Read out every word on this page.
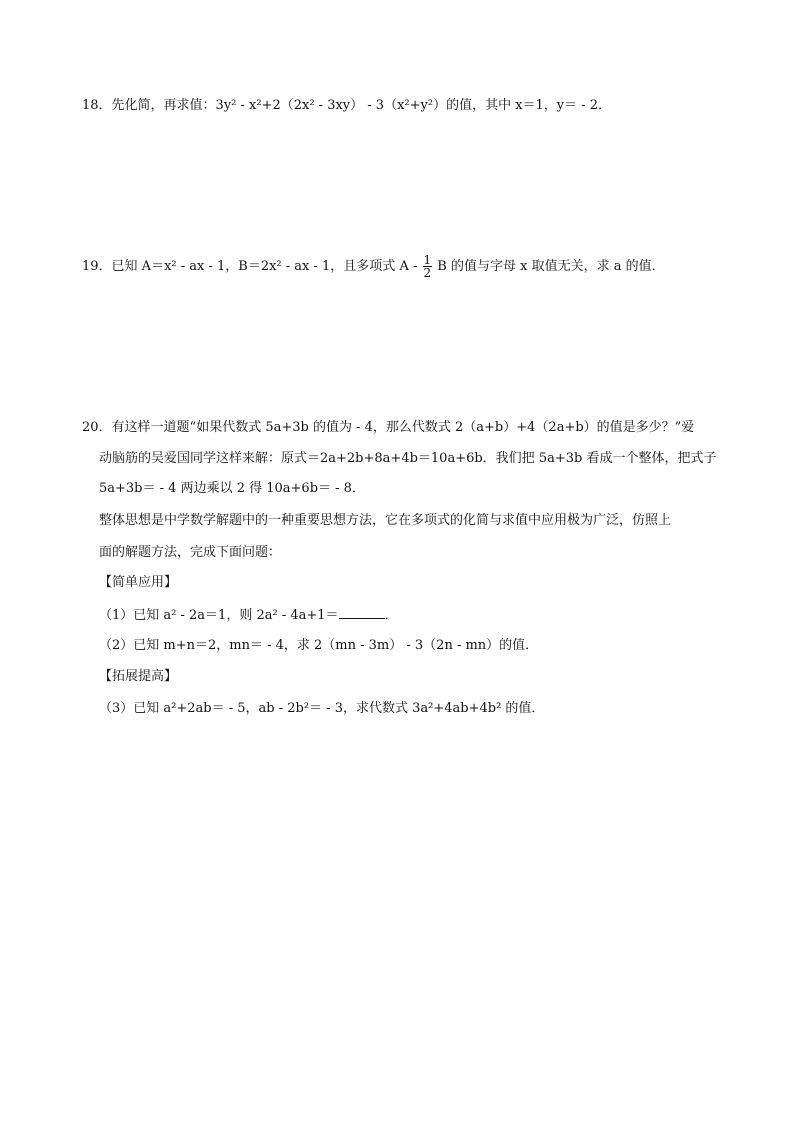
18．先化简，再求值：3y² - x²+2（2x² - 3xy） - 3（x²+y²）的值，其中 x＝1，y＝ - 2．
19．已知 A＝x² - ax - 1，B＝2x² - ax - 1，且多项式 A - $\frac{1}{2}$ B 的值与字母 x 取值无关，求 a 的值．
20．有这样一道题“如果代数式 5a+3b 的值为 - 4，那么代数式 2（a+b）+4（2a+b）的值是多少？”爱
动脑筋的吴爱国同学这样来解：原式＝2a+2b+8a+4b＝10a+6b．我们把 5a+3b 看成一个整体，把式子
5a+3b＝ - 4 两边乘以 2 得 10a+6b＝ - 8．
整体思想是中学数学解题中的一种重要思想方法，它在多项式的化简与求值中应用极为广泛，仿照上
面的解题方法，完成下面问题：
【简单应用】
（1）已知 a² - 2a＝1，则 2a² - 4a+1＝	．
（2）已知 m+n＝2，mn＝ - 4，求 2（mn - 3m） - 3（2n - mn）的值．
【拓展提高】
（3）已知 a²+2ab＝ - 5，ab - 2b²＝ - 3，求代数式 3a²+4ab+4b² 的值．
